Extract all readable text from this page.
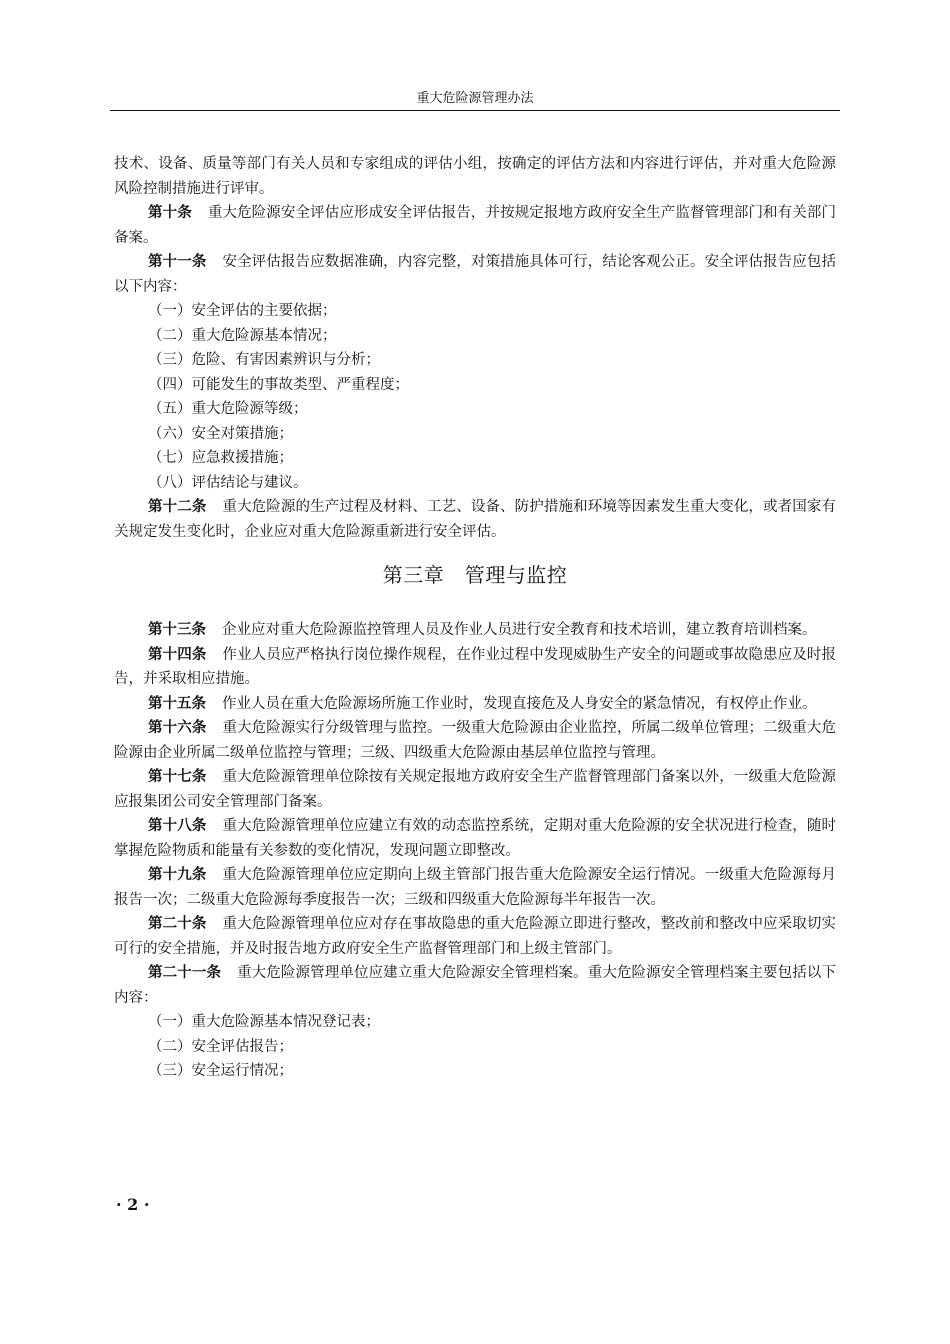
重大危险源管理办法

技术、设备、质量等部门有关人员和专家组成的评估小组，按确定的评估方法和内容进行评估，并对重大危险源风险控制措施进行评审。

第十条 重大危险源安全评估应形成安全评估报告，并按规定报地方政府安全生产监督管理部门和有关部门备案。

第十一条 安全评估报告应数据准确，内容完整，对策措施具体可行，结论客观公正。安全评估报告应包括以下内容：

（一）安全评估的主要依据；

（二）重大危险源基本情况；

（三）危险、有害因素辨识与分析；

（四）可能发生的事故类型、严重程度；

（五）重大危险源等级；

（六）安全对策措施；

（七）应急救援措施；

（八）评估结论与建议。

第十二条 重大危险源的生产过程及材料、工艺、设备、防护措施和环境等因素发生重大变化，或者国家有关规定发生变化时，企业应对重大危险源重新进行安全评估。

第三章　管理与监控

第十三条 企业应对重大危险源监控管理人员及作业人员进行安全教育和技术培训，建立教育培训档案。

第十四条 作业人员应严格执行岗位操作规程，在作业过程中发现威胁生产安全的问题或事故隐患应及时报告，并采取相应措施。

第十五条 作业人员在重大危险源场所施工作业时，发现直接危及人身安全的紧急情况，有权停止作业。

第十六条 重大危险源实行分级管理与监控。一级重大危险源由企业监控，所属二级单位管理；二级重大危险源由企业所属二级单位监控与管理；三级、四级重大危险源由基层单位监控与管理。

第十七条 重大危险源管理单位除按有关规定报地方政府安全生产监督管理部门备案以外，一级重大危险源应报集团公司安全管理部门备案。

第十八条 重大危险源管理单位应建立有效的动态监控系统，定期对重大危险源的安全状况进行检查，随时掌握危险物质和能量有关参数的变化情况，发现问题立即整改。

第十九条 重大危险源管理单位应定期向上级主管部门报告重大危险源安全运行情况。一级重大危险源每月报告一次；二级重大危险源每季度报告一次；三级和四级重大危险源每半年报告一次。

第二十条 重大危险源管理单位应对存在事故隐患的重大危险源立即进行整改，整改前和整改中应采取切实可行的安全措施，并及时报告地方政府安全生产监督管理部门和上级主管部门。

第二十一条 重大危险源管理单位应建立重大危险源安全管理档案。重大危险源安全管理档案主要包括以下内容：

（一）重大危险源基本情况登记表；

（二）安全评估报告；

（三）安全运行情况；

· 2 ·
